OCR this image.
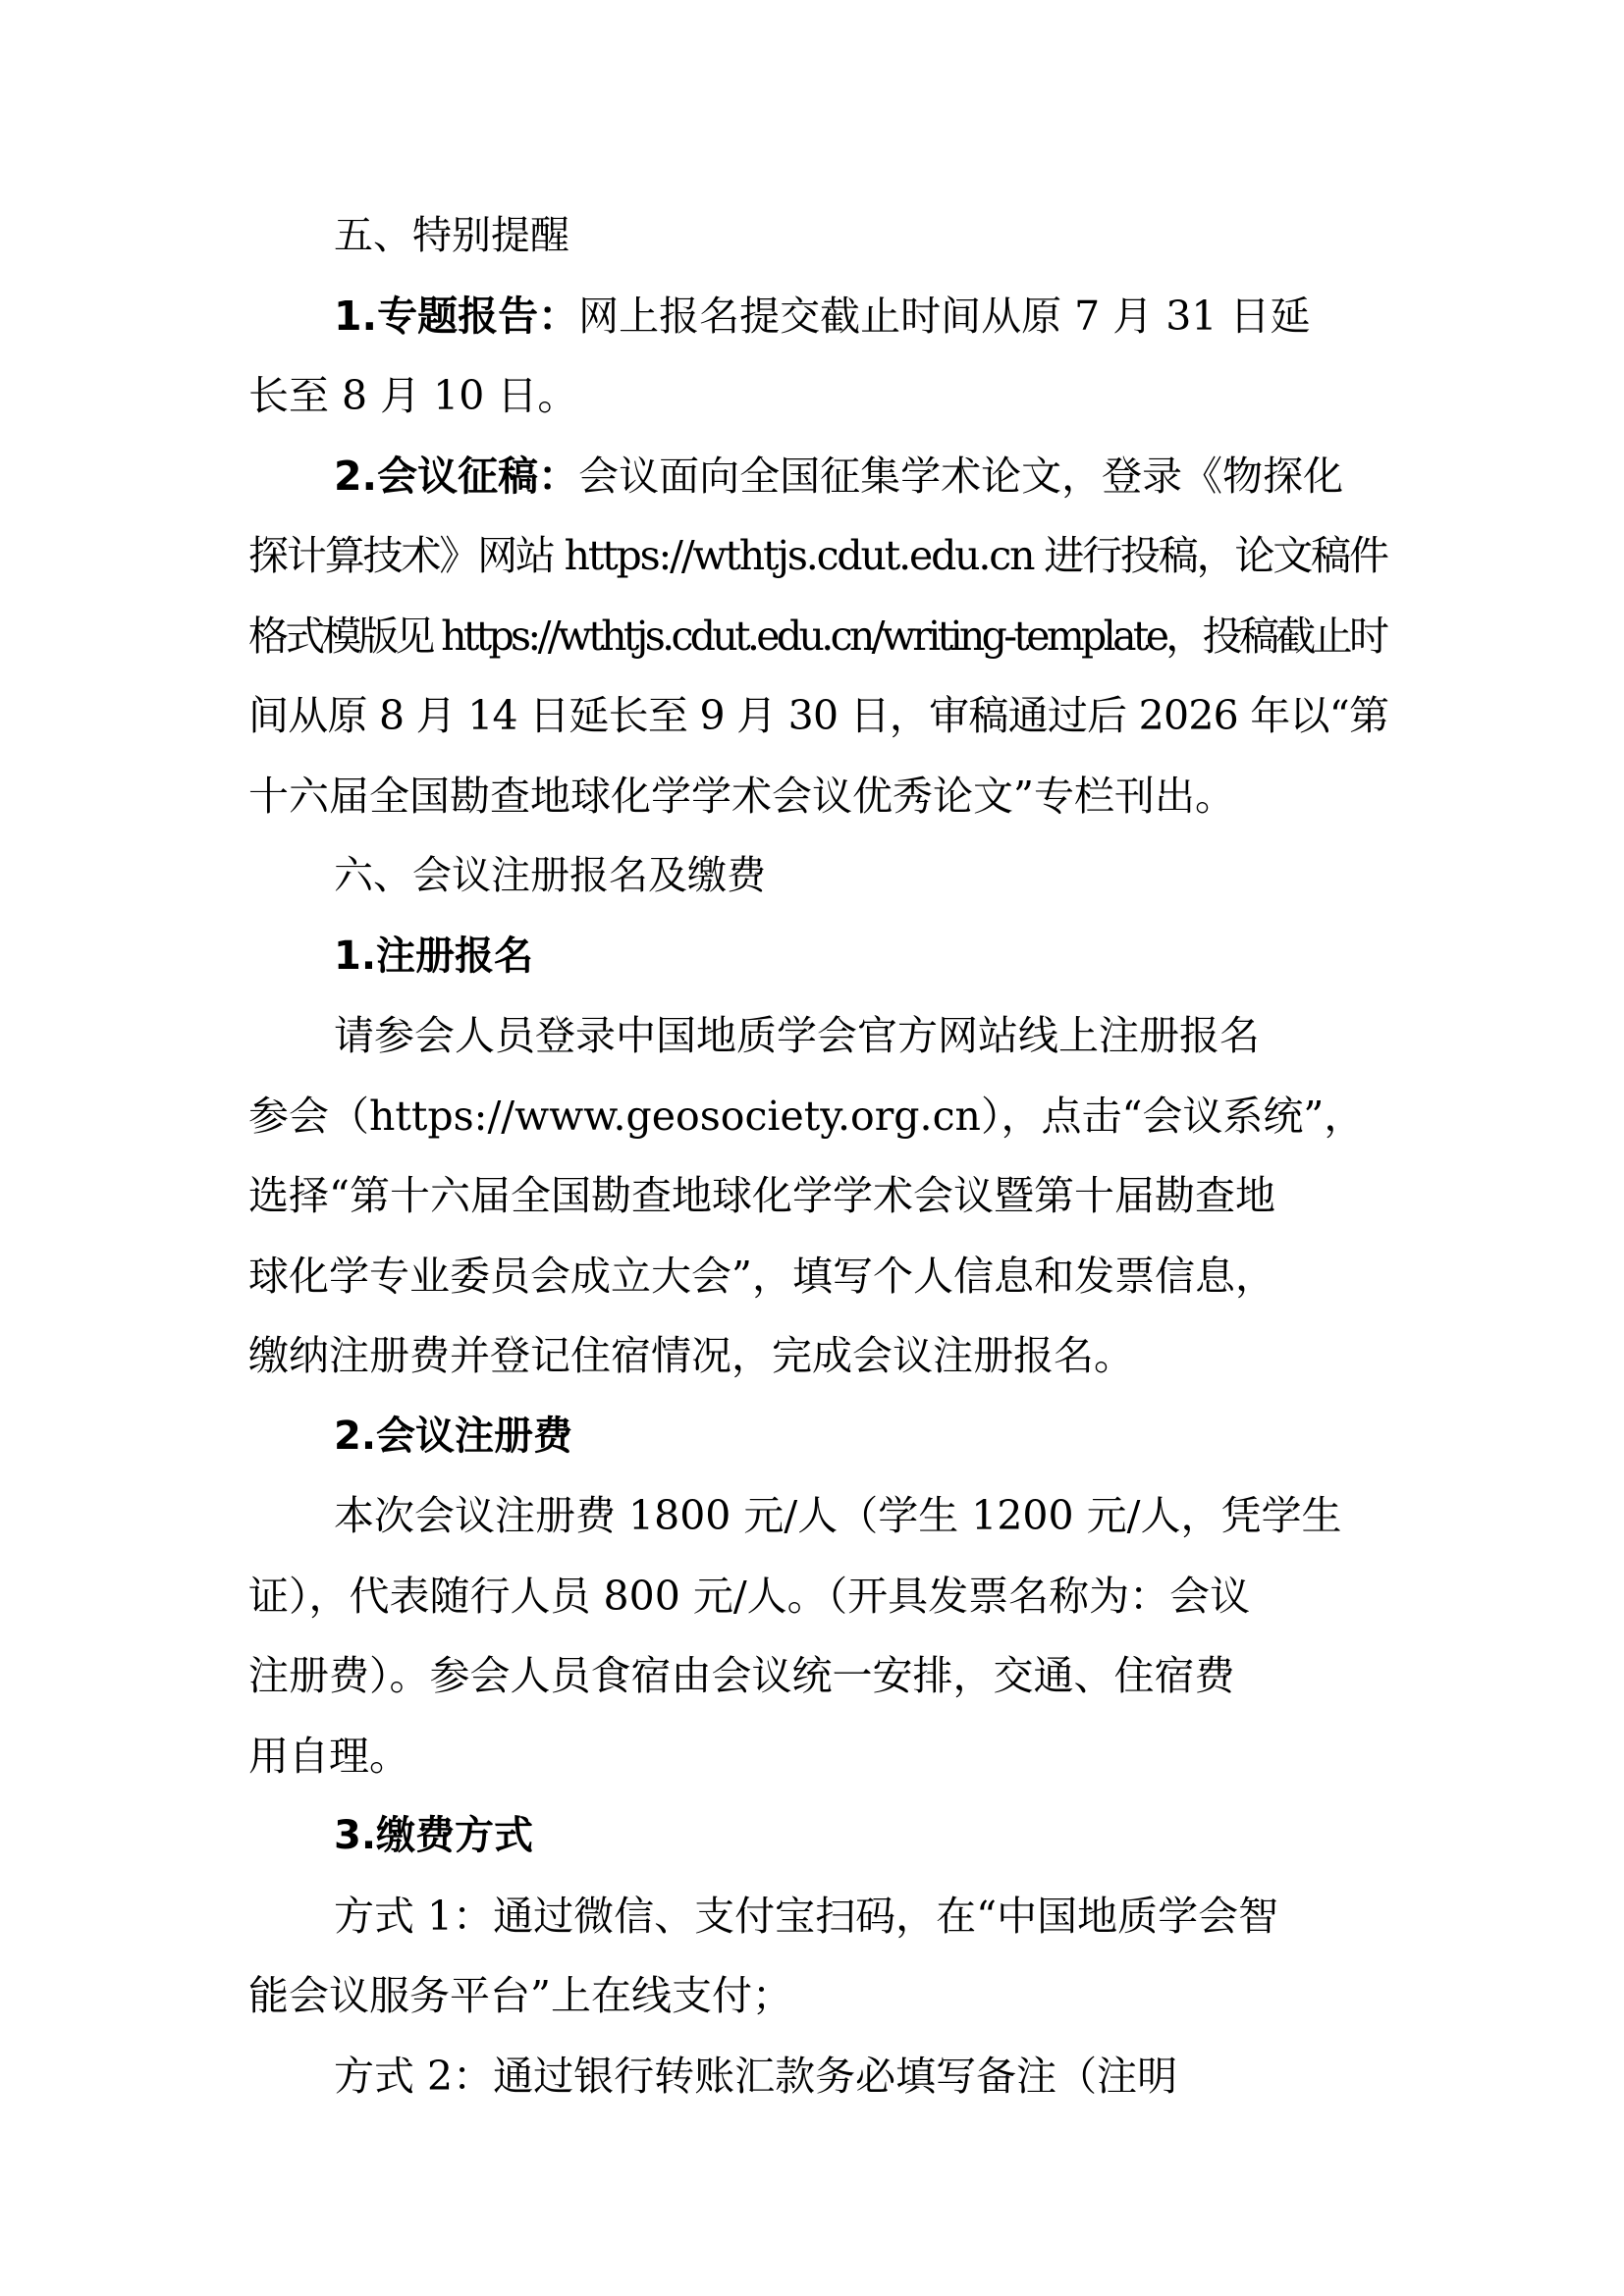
五、特别提醒
1.专题报告：网上报名提交截止时间从原 7 月 31 日延
长至 8 月 10 日。
2.会议征稿：会议面向全国征集学术论文，登录《物探化
探计算技术》网站 https://wthtjs.cdut.edu.cn 进行投稿，论文稿件
格式模版见 https://wthtjs.cdut.edu.cn/writing-template，投稿截止时
间从原 8 月 14 日延长至 9 月 30 日，审稿通过后 2026 年以“第
十六届全国勘查地球化学学术会议优秀论文”专栏刊出。
六、会议注册报名及缴费
1.注册报名
请参会人员登录中国地质学会官方网站线上注册报名
参会（https://www.geosociety.org.cn），点击“会议系统”，
选择“第十六届全国勘查地球化学学术会议暨第十届勘查地
球化学专业委员会成立大会”，填写个人信息和发票信息，
缴纳注册费并登记住宿情况，完成会议注册报名。
2.会议注册费
本次会议注册费 1800 元/人（学生 1200 元/人，凭学生
证），代表随行人员 800 元/人。（开具发票名称为：会议
注册费）。参会人员食宿由会议统一安排，交通、住宿费
用自理。
3.缴费方式
方式 1：通过微信、支付宝扫码，在“中国地质学会智
能会议服务平台”上在线支付；
方式 2：通过银行转账汇款务必填写备注（注明
